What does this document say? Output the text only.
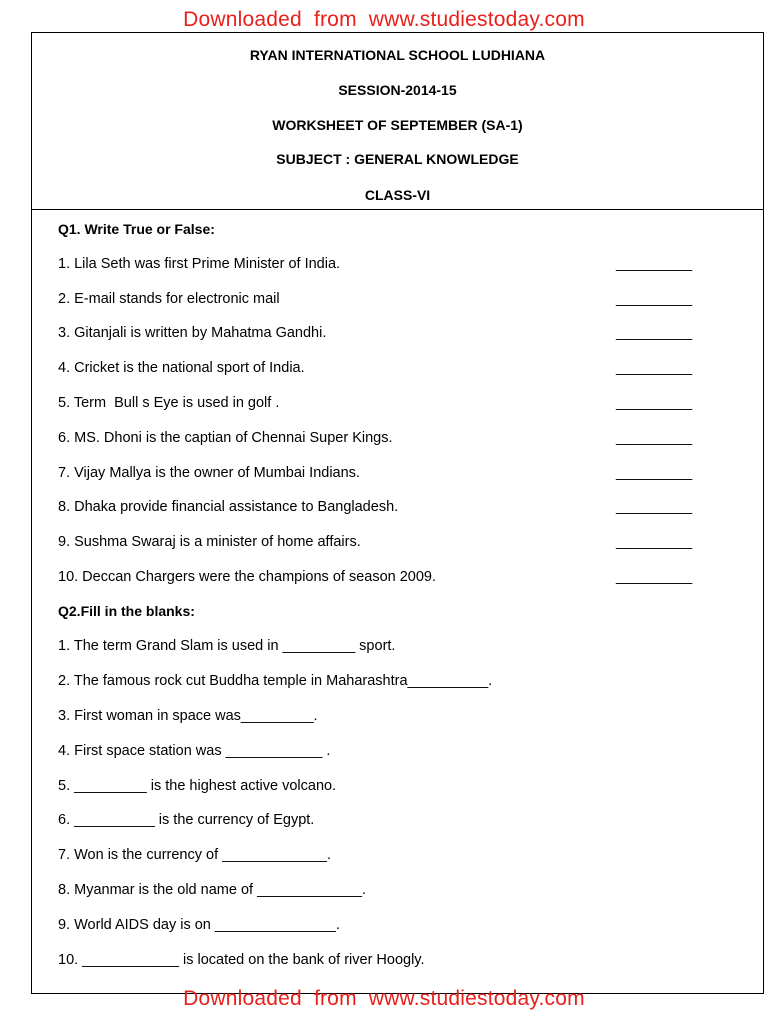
Downloaded from www.studiestoday.com
RYAN INTERNATIONAL SCHOOL LUDHIANA
SESSION-2014-15
WORKSHEET OF SEPTEMBER (SA-1)
SUBJECT : GENERAL KNOWLEDGE
CLASS-VI
Q1. Write True or False:
1. Lila Seth was first Prime Minister of India.	__________
2. E-mail stands for electronic mail	__________
3. Gitanjali is written by Mahatma Gandhi.	__________
4. Cricket is the national sport of India.	__________
5. Term  Bull s Eye is used in golf .	__________
6. MS. Dhoni is the captian of Chennai Super Kings.	__________
7. Vijay Mallya is the owner of Mumbai Indians.	__________
8. Dhaka provide financial assistance to Bangladesh.	__________
9. Sushma Swaraj is a minister of home affairs.	__________
10. Deccan Chargers were the champions of season 2009.	__________
Q2.Fill in the blanks:
1. The term Grand Slam is used in _________ sport.
2. The famous rock cut Buddha temple in Maharashtra__________.
3. First woman in space was_________.
4. First space station was ____________ .
5. _________ is the highest active volcano.
6. __________ is the currency of Egypt.
7. Won is the currency of _____________.
8. Myanmar is the old name of _____________.
9. World AIDS day is on _______________.
10. ____________ is located on the bank of river Hoogly.
Downloaded from www.studiestoday.com
